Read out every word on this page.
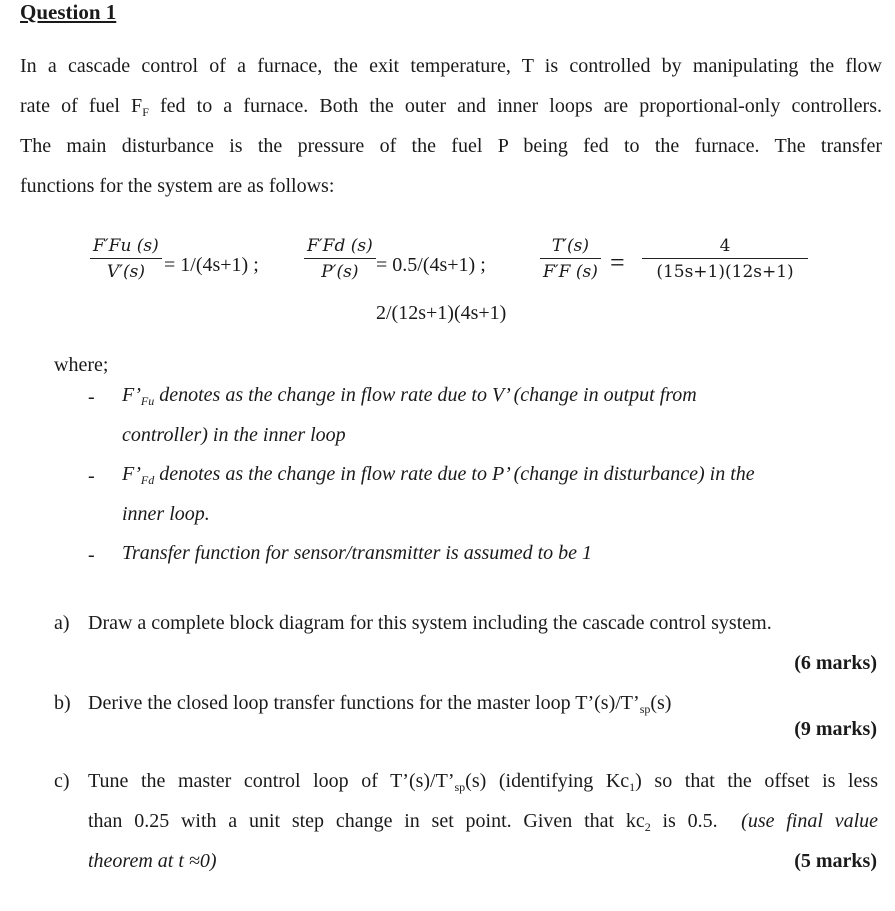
Question 1
In a cascade control of a furnace, the exit temperature, T is controlled by manipulating the flow
rate of fuel $F_F$ fed to a furnace. Both the outer and inner loops are proportional-only controllers.
The main disturbance is the pressure of the fuel P being fed to the furnace. The transfer
functions for the system are as follows:
F′Fu (s)
V′(s) = 1/(4s+1) ;
F′Fd (s)
P′(s) = 0.5/(4s+1) ;
T′(s)
F′F (s) =
4
(15s+1)(12s+1)
2/(12s+1)(4s+1)
where;
- $F’_{Fu}$ denotes as the change in flow rate due to V’ (change in output from
controller) in the inner loop
- $F’_{Fd}$ denotes as the change in flow rate due to P’ (change in disturbance) in the
inner loop.
- Transfer function for sensor/transmitter is assumed to be 1
a) Draw a complete block diagram for this system including the cascade control system.
(6 marks)
b) Derive the closed loop transfer functions for the master loop $T’(s)/T’_{sp}(s)$
(9 marks)
c) Tune the master control loop of $T’(s)/T’_{sp}(s)$ (identifying $Kc_1$) so that the offset is less
than 0.25 with a unit step change in set point. Given that $kc_2$ is 0.5. (use final value
theorem at t ≈0)	(5 marks)
